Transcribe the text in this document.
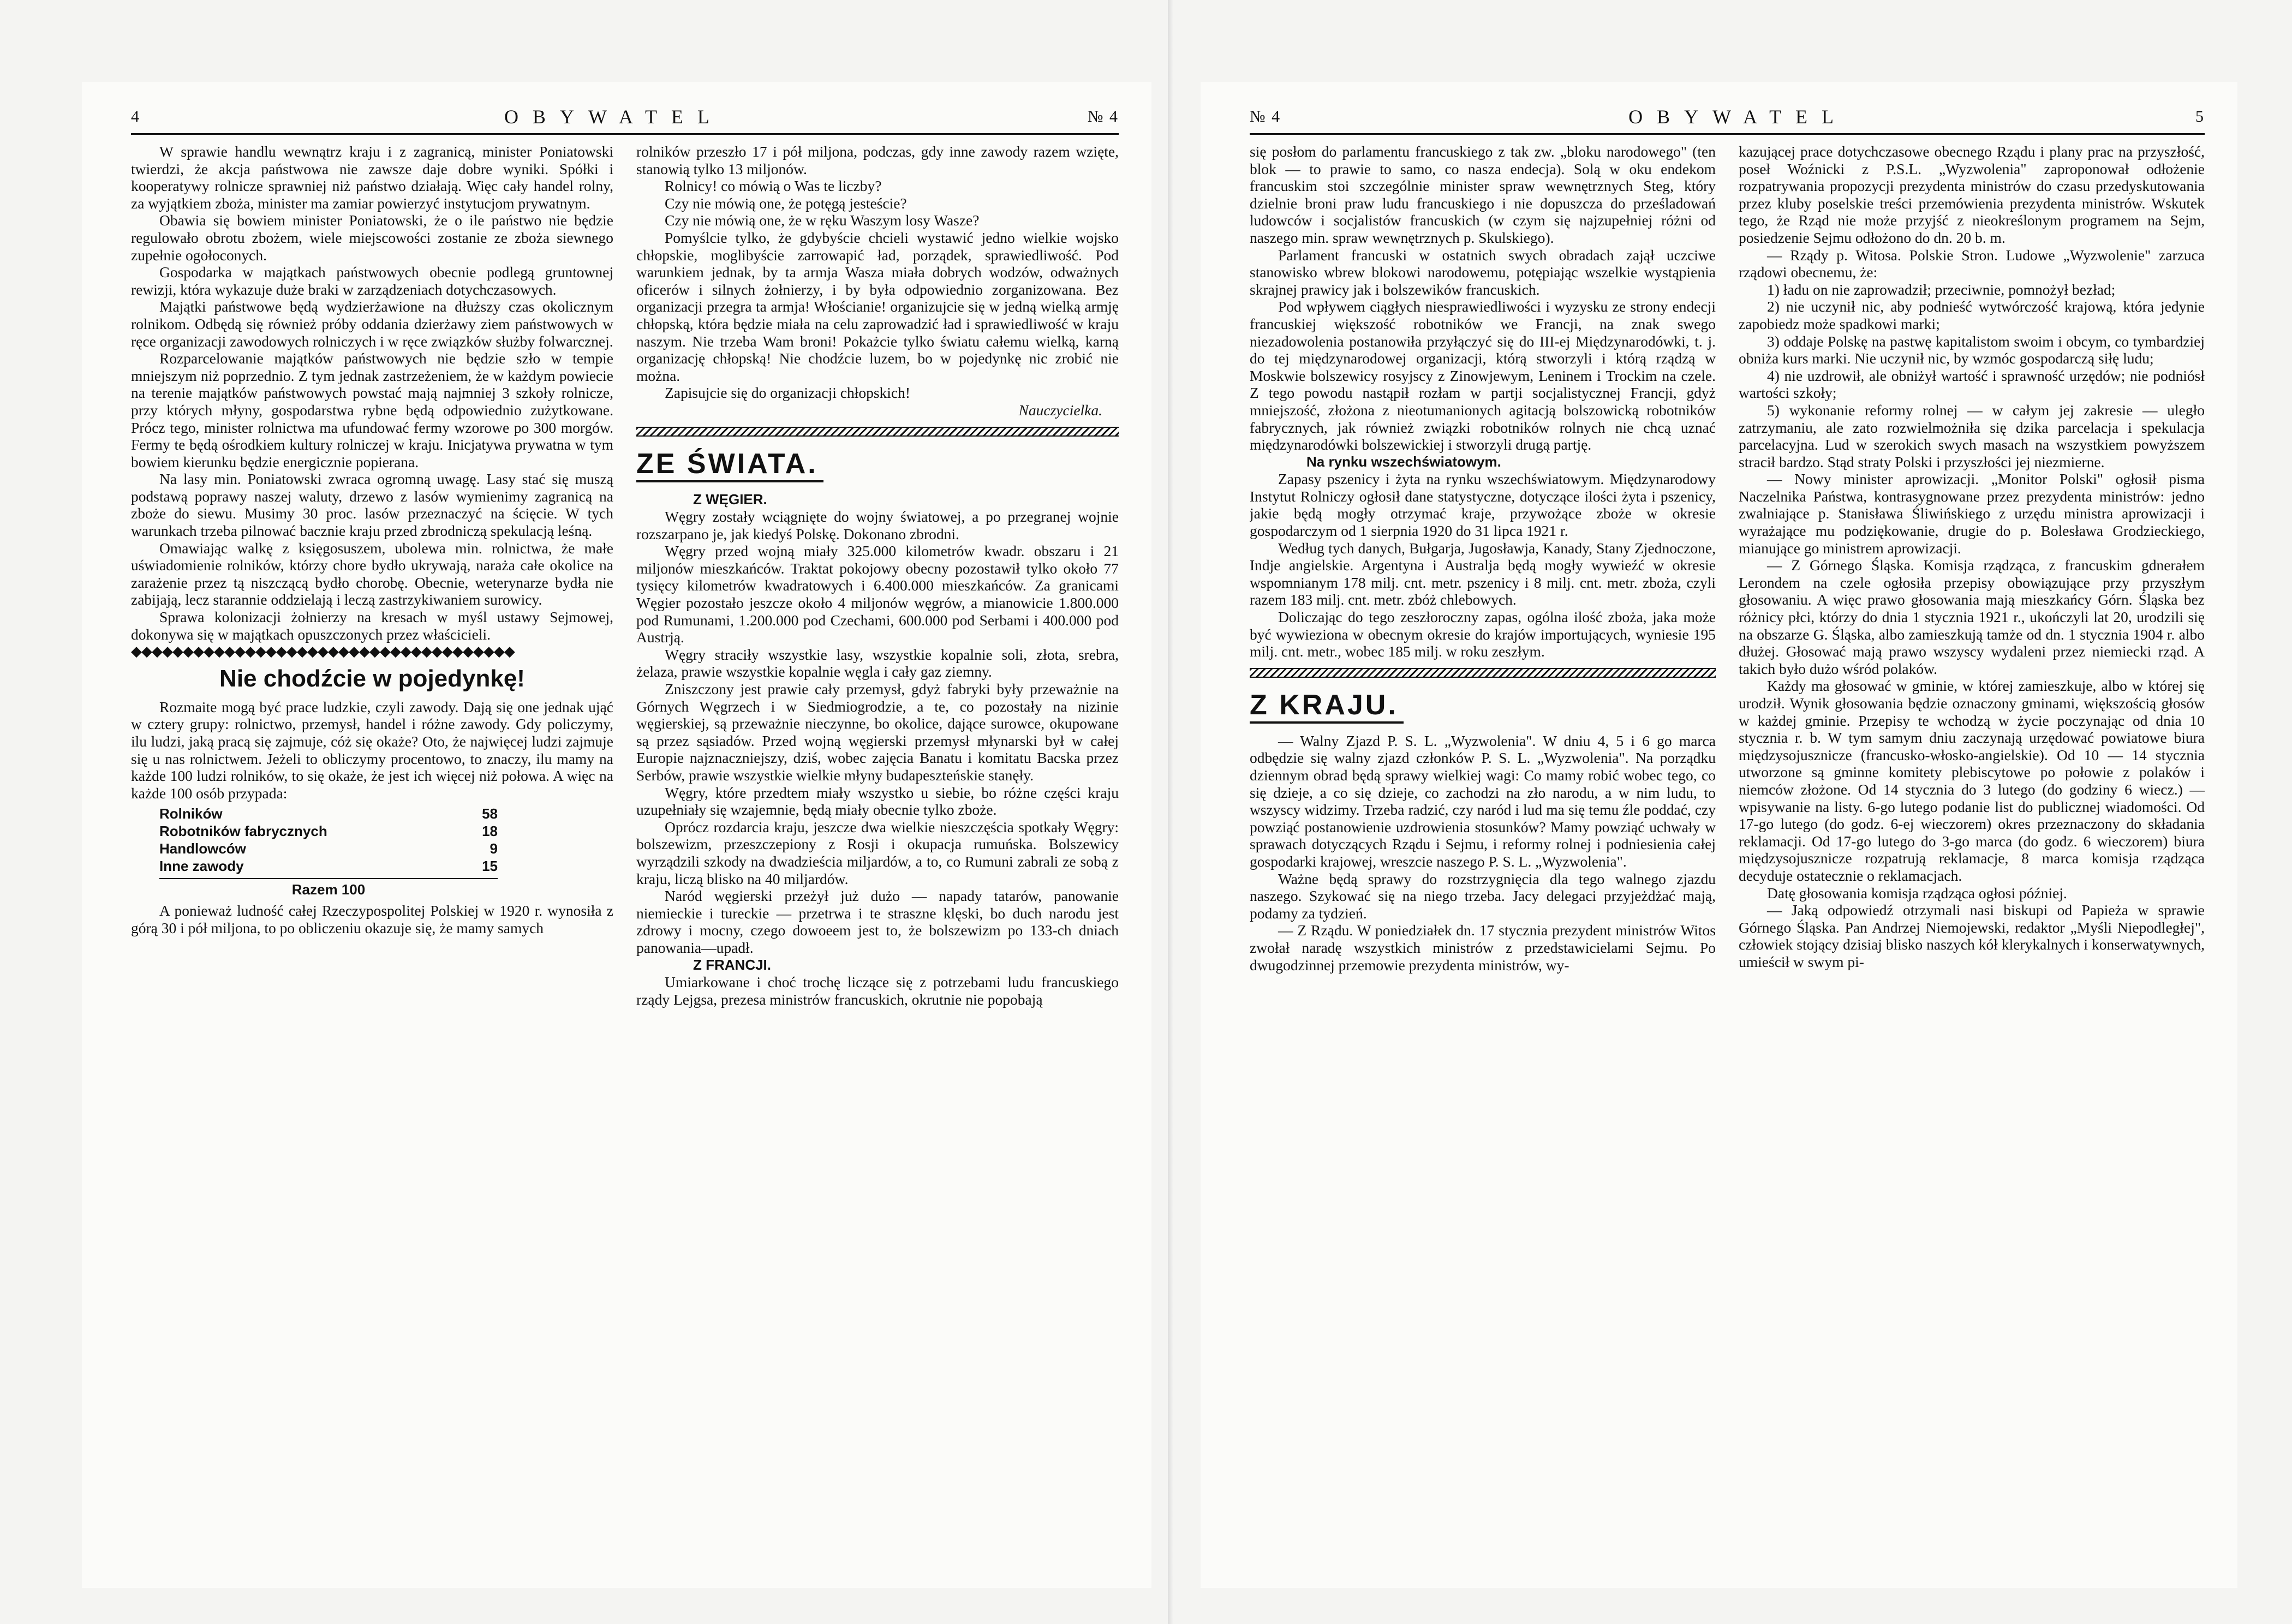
4	OBYWATEL	№ 4

W sprawie handlu wewnątrz kraju i z zagranicą, minister Poniatowski twierdzi, że akcja państwowa nie zawsze daje dobre wyniki. Spółki i kooperatywy rolnicze sprawniej niż państwo działają. Więc cały handel rolny, za wyjątkiem zboża, minister ma zamiar powierzyć instytucjom prywatnym.

Obawia się bowiem minister Poniatowski, że o ile państwo nie będzie regulowało obrotu zbożem, wiele miejscowości zostanie ze zboża siewnego zupełnie ogołoconych.

Gospodarka w majątkach państwowych obecnie podlegą gruntownej rewizji, która wykazuje duże braki w zarządzeniach dotychczasowych.

Majątki państwowe będą wydzierżawione na dłuższy czas okolicznym rolnikom. Odbędą się również próby oddania dzierżawy ziem państwowych w ręce organizacji zawodowych rolniczych i w ręce związków służby folwarcznej.

Rozparcelowanie majątków państwowych nie będzie szło w tempie mniejszym niż poprzednio. Z tym jednak zastrzeżeniem, że w każdym powiecie na terenie majątków państwowych powstać mają najmniej 3 szkoły rolnicze, przy których młyny, gospodarstwa rybne będą odpowiednio zużytkowane. Prócz tego, minister rolnictwa ma ufundować fermy wzorowe po 300 morgów. Fermy te będą ośrodkiem kultury rolniczej w kraju. Inicjatywa prywatna w tym bowiem kierunku będzie energicznie popierana.

Na lasy min. Poniatowski zwraca ogromną uwagę. Lasy stać się muszą podstawą poprawy naszej waluty, drzewo z lasów wymienimy zagranicą na zboże do siewu. Musimy 30 proc. lasów przeznaczyć na ścięcie. W tych warunkach trzeba pilnować bacznie kraju przed zbrodniczą spekulacją leśną.

Omawiając walkę z księgosuszem, ubolewa min. rolnictwa, że małe uświadomienie rolników, którzy chore bydło ukrywają, naraża całe okolice na zarażenie przez tą niszczącą bydło chorobę. Obecnie, weterynarze bydła nie zabijają, lecz starannie oddzielają i leczą zastrzykiwaniem surowicy.

Sprawa kolonizacji żołnierzy na kresach w myśl ustawy Sejmowej, dokonywa się w majątkach opuszczonych przez właścicieli.

◆◆◆◆◆◆◆◆◆◆◆◆◆◆◆◆◆◆◆◆◆◆◆◆◆◆◆◆◆◆◆◆◆◆◆◆◆

Nie chodźcie w pojedynkę!

Rozmaite mogą być prace ludzkie, czyli zawody. Dają się one jednak ująć w cztery grupy: rolnictwo, przemysł, handel i różne zawody. Gdy policzymy, ilu ludzi, jaką pracą się zajmuje, cóż się okaże? Oto, że najwięcej ludzi zajmuje się u nas rolnictwem. Jeżeli to obliczymy procentowo, to znaczy, ilu mamy na każde 100 ludzi rolników, to się okaże, że jest ich więcej niż połowa. A więc na każde 100 osób przypada:

Rolników	58
Robotników fabrycznych	18
Handlowców	9
Inne zawody	15
Razem 100

A ponieważ ludność całej Rzeczypospolitej Polskiej w 1920 r. wynosiła z górą 30 i pół miljona, to po obliczeniu okazuje się, że mamy samych

rolników przeszło 17 i pół miljona, podczas, gdy inne zawody razem wzięte, stanowią tylko 13 miljonów.

Rolnicy! co mówią o Was te liczby?

Czy nie mówią one, że potęgą jesteście?

Czy nie mówią one, że w ręku Waszym losy Wasze?

Pomyślcie tylko, że gdybyście chcieli wystawić jedno wielkie wojsko chłopskie, moglibyście zarrowapić ład, porządek, sprawiedliwość. Pod warunkiem jednak, by ta armja Wasza miała dobrych wodzów, odważnych oficerów i silnych żołnierzy, i by była odpowiednio zorganizowana. Bez organizacji przegra ta armja! Włościanie! organizujcie się w jedną wielką armję chłopską, która będzie miała na celu zaprowadzić ład i sprawiedliwość w kraju naszym. Nie trzeba Wam broni! Pokażcie tylko światu całemu wielką, karną organizację chłopską! Nie chodźcie luzem, bo w pojedynkę nic zrobić nie można.

Zapisujcie się do organizacji chłopskich!

Nauczycielka.

ZE ŚWIATA.

Z WĘGIER.

Węgry zostały wciągnięte do wojny światowej, a po przegranej wojnie rozszarpano je, jak kiedyś Polskę. Dokonano zbrodni.

Węgry przed wojną miały 325.000 kilometrów kwadr. obszaru i 21 miljonów mieszkańców. Traktat pokojowy obecny pozostawił tylko około 77 tysięcy kilometrów kwadratowych i 6.400.000 mieszkańców. Za granicami Węgier pozostało jeszcze około 4 miljonów węgrów, a mianowicie 1.800.000 pod Rumunami, 1.200.000 pod Czechami, 600.000 pod Serbami i 400.000 pod Austrją.

Węgry straciły wszystkie lasy, wszystkie kopalnie soli, złota, srebra, żelaza, prawie wszystkie kopalnie węgla i cały gaz ziemny.

Zniszczony jest prawie cały przemysł, gdyż fabryki były przeważnie na Górnych Węgrzech i w Siedmiogrodzie, a te, co pozostały na nizinie węgierskiej, są przeważnie nieczynne, bo okolice, dające surowce, okupowane są przez sąsiadów. Przed wojną węgierski przemysł młynarski był w całej Europie najznaczniejszy, dziś, wobec zajęcia Banatu i komitatu Bacska przez Serbów, prawie wszystkie wielkie młyny budapeszteńskie stanęły.

Węgry, które przedtem miały wszystko u siebie, bo różne części kraju uzupełniały się wzajemnie, będą miały obecnie tylko zboże.

Oprócz rozdarcia kraju, jeszcze dwa wielkie nieszczęścia spotkały Węgry: bolszewizm, przeszczepiony z Rosji i okupacja rumuńska. Bolszewicy wyrządzili szkody na dwadzieścia miljardów, a to, co Rumuni zabrali ze sobą z kraju, liczą blisko na 40 miljardów.

Naród węgierski przeżył już dużo — napady tatarów, panowanie niemieckie i tureckie — przetrwa i te straszne klęski, bo duch narodu jest zdrowy i mocny, czego dowoeem jest to, że bolszewizm po 133-ch dniach panowania—upadł.

Z FRANCJI.

Umiarkowane i choć trochę liczące się z potrzebami ludu francuskiego rządy Lejgsa, prezesa ministrów francuskich, okrutnie nie popobają

№ 4	OBYWATEL	5

się posłom do parlamentu francuskiego z tak zw. „bloku narodowego" (ten blok — to prawie to samo, co nasza endecja). Solą w oku endekom francuskim stoi szczególnie minister spraw wewnętrznych Steg, który dzielnie broni praw ludu francuskiego i nie dopuszcza do prześladowań ludowców i socjalistów francuskich (w czym się najzupełniej różni od naszego min. spraw wewnętrznych p. Skulskiego).

Parlament francuski w ostatnich swych obradach zajął uczciwe stanowisko wbrew blokowi narodowemu, potępiając wszelkie wystąpienia skrajnej prawicy jak i bolszewików francuskich.

Pod wpływem ciągłych niesprawiedliwości i wyzysku ze strony endecji francuskiej większość robotników we Francji, na znak swego niezadowolenia postanowiła przyłączyć się do III-ej Międzynarodówki, t. j. do tej międzynarodowej organizacji, którą stworzyli i którą rządzą w Moskwie bolszewicy rosyjscy z Zinowjewym, Leninem i Trockim na czele. Z tego powodu nastąpił rozłam w partji socjalistycznej Francji, gdyż mniejszość, złożona z nieotumanionych agitacją bolszowicką robotników fabrycznych, jak również związki robotników rolnych nie chcą uznać międzynarodówki bolszewickiej i stworzyli drugą partję.

Na rynku wszechświatowym.

Zapasy pszenicy i żyta na rynku wszechświatowym. Międzynarodowy Instytut Rolniczy ogłosił dane statystyczne, dotyczące ilości żyta i pszenicy, jakie będą mogły otrzymać kraje, przywożące zboże w okresie gospodarczym od 1 sierpnia 1920 do 31 lipca 1921 r.

Według tych danych, Bułgarja, Jugosławja, Kanady, Stany Zjednoczone, Indje angielskie. Argentyna i Australja będą mogły wywieźć w okresie wspomnianym 178 milj. cnt. metr. pszenicy i 8 milj. cnt. metr. zboża, czyli razem 183 milj. cnt. metr. zbóż chlebowych.

Doliczając do tego zeszłoroczny zapas, ogólna ilość zboża, jaka może być wywieziona w obecnym okresie do krajów importujących, wyniesie 195 milj. cnt. metr., wobec 185 milj. w roku zeszłym.

Z KRAJU.

— Walny Zjazd P. S. L. „Wyzwolenia". W dniu 4, 5 i 6 go marca odbędzie się walny zjazd członków P. S. L. „Wyzwolenia". Na porządku dziennym obrad będą sprawy wielkiej wagi: Co mamy robić wobec tego, co się dzieje, a co się dzieje, co zachodzi na zło narodu, a w nim ludu, to wszyscy widzimy. Trzeba radzić, czy naród i lud ma się temu źle poddać, czy powziąć postanowienie uzdrowienia stosunków? Mamy powziąć uchwały w sprawach dotyczących Rządu i Sejmu, i reformy rolnej i podniesienia całej gospodarki krajowej, wreszcie naszego P. S. L. „Wyzwolenia".

Ważne będą sprawy do rozstrzygnięcia dla tego walnego zjazdu naszego. Szykować się na niego trzeba. Jacy delegaci przyjeżdżać mają, podamy za tydzień.

— Z Rządu. W poniedziałek dn. 17 stycznia prezydent ministrów Witos zwołał naradę wszystkich ministrów z przedstawicielami Sejmu. Po dwugodzinnej przemowie prezydenta ministrów, wy-

kazującej prace dotychczasowe obecnego Rządu i plany prac na przyszłość, poseł Woźnicki z P.S.L. „Wyzwolenia" zaproponował odłożenie rozpatrywania propozycji prezydenta ministrów do czasu przedyskutowania przez kluby poselskie treści przemówienia prezydenta ministrów. Wskutek tego, że Rząd nie może przyjść z nieokreślonym programem na Sejm, posiedzenie Sejmu odłożono do dn. 20 b. m.

— Rządy p. Witosa. Polskie Stron. Ludowe „Wyzwolenie" zarzuca rządowi obecnemu, że:

1) ładu on nie zaprowadził; przeciwnie, pomnożył bezład;

2) nie uczynił nic, aby podnieść wytwórczość krajową, która jedynie zapobiedz może spadkowi marki;

3) oddaje Polskę na pastwę kapitalistom swoim i obcym, co tymbardziej obniża kurs marki. Nie uczynił nic, by wzmóc gospodarczą siłę ludu;

4) nie uzdrowił, ale obniżył wartość i sprawność urzędów; nie podniósł wartości szkoły;

5) wykonanie reformy rolnej — w całym jej zakresie — uległo zatrzymaniu, ale zato rozwielmożniła się dzika parcelacja i spekulacja parcelacyjna. Lud w szerokich swych masach na wszystkiem powyższem stracił bardzo. Stąd straty Polski i przyszłości jej niezmierne.

— Nowy minister aprowizacji. „Monitor Polski" ogłosił pisma Naczelnika Państwa, kontrasygnowane przez prezydenta ministrów: jedno zwalniające p. Stanisława Śliwińskiego z urzędu ministra aprowizacji i wyrażające mu podziękowanie, drugie do p. Bolesława Grodzieckiego, mianujące go ministrem aprowizacji.

— Z Górnego Śląska. Komisja rządząca, z francuskim gdnerałem Lerondem na czele ogłosiła przepisy obowiązujące przy przyszłym głosowaniu. A więc prawo głosowania mają mieszkańcy Górn. Śląska bez różnicy płci, którzy do dnia 1 stycznia 1921 r., ukończyli lat 20, urodzili się na obszarze G. Śląska, albo zamieszkują tamże od dn. 1 stycznia 1904 r. albo dłużej. Głosować mają prawo wszyscy wydaleni przez niemiecki rząd. A takich było dużo wśród polaków.

Każdy ma głosować w gminie, w której zamieszkuje, albo w której się urodził. Wynik głosowania będzie oznaczony gminami, większością głosów w każdej gminie. Przepisy te wchodzą w życie poczynając od dnia 10 stycznia r. b. W tym samym dniu zaczynają urzędować powiatowe biura międzysojusznicze (francusko-włosko-angielskie). Od 10 — 14 stycznia utworzone są gminne komitety plebiscytowe po połowie z polaków i niemców złożone. Od 14 stycznia do 3 lutego (do godziny 6 wiecz.) — wpisywanie na listy. 6-go lutego podanie list do publicznej wiadomości. Od 17-go lutego (do godz. 6-ej wieczorem) okres przeznaczony do składania reklamacji. Od 17-go lutego do 3-go marca (do godz. 6 wieczorem) biura międzysojusznicze rozpatrują reklamacje, 8 marca komisja rządząca decyduje ostatecznie o reklamacjach.

Datę głosowania komisja rządząca ogłosi później.

— Jaką odpowiedź otrzymali nasi biskupi od Papieża w sprawie Górnego Śląska. Pan Andrzej Niemojewski, redaktor „Myśli Niepodległej", człowiek stojący dzisiaj blisko naszych kół klerykalnych i konserwatywnych, umieścił w swym pi-
